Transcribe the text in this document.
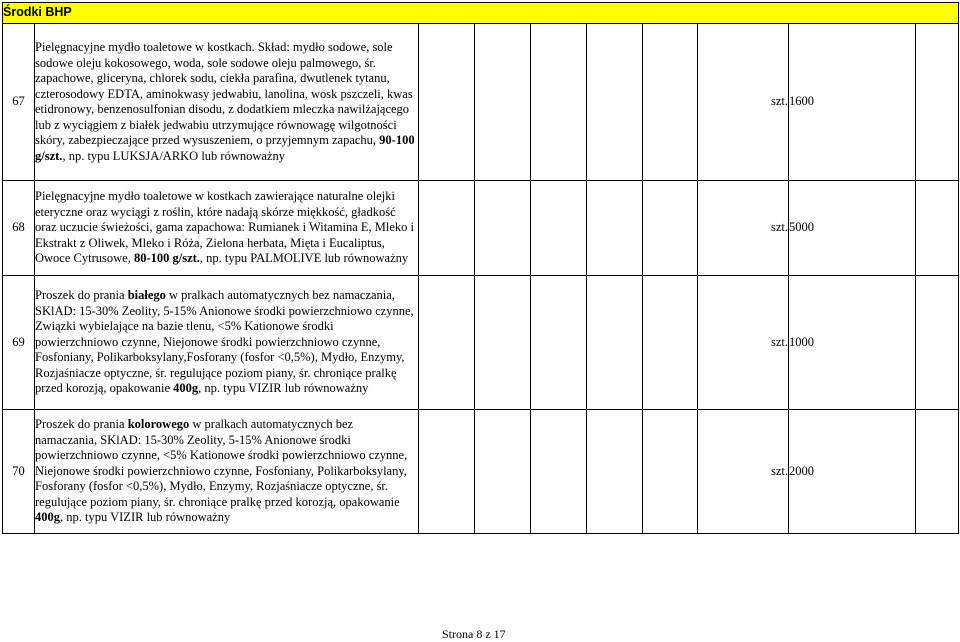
Środki BHP									
67	Pielęgnacyjne mydło toaletowe w kostkach. Skład: mydło sodowe, sole sodowe oleju kokosowego, woda, sole sodowe oleju palmowego, śr. zapachowe, gliceryna, chlorek sodu, ciekła parafina, dwutlenek tytanu, czterosodowy EDTA, aminokwasy jedwabiu, lanolina, wosk pszczeli, kwas etidronowy, benzenosulfonian disodu, z dodatkiem mleczka nawilżającego lub z wyciągiem z białek jedwabiu utrzymujące równowagę wilgotności skóry, zabezpieczające przed wysuszeniem, o przyjemnym zapachu, 90-100 g/szt., np. typu LUKSJA/ARKO lub równoważny						szt.	1600	
68	Pielęgnacyjne mydło toaletowe w kostkach zawierające naturalne olejki eteryczne oraz wyciągi z roślin, które nadają skórze miękkość, gładkość oraz uczucie świeżości, gama zapachowa: Rumianek i Witamina E, Mleko i Ekstrakt z Oliwek, Mleko i Róża, Zielona herbata, Mięta i Eucaliptus, Owoce Cytrusowe, 80-100 g/szt., np. typu PALMOLIVE lub równoważny						szt.	5000	
69	Proszek do prania białego w pralkach automatycznych bez namaczania, SKlAD: 15-30% Zeolity, 5-15% Anionowe środki powierzchniowo czynne, Związki wybielające na bazie tlenu, <5% Kationowe środki powierzchniowo czynne, Niejonowe środki powierzchniowo czynne, Fosfoniany, Polikarboksylany,Fosforany (fosfor <0,5%), Mydło, Enzymy, Rozjaśniacze optyczne, śr. regulujące poziom piany, śr. chroniące pralkę przed korozją, opakowanie 400g, np. typu VIZIR lub równoważny						szt.	1000	
70	Proszek do prania kolorowego w pralkach automatycznych bez namaczania, SKlAD: 15-30% Zeolity, 5-15% Anionowe środki powierzchniowo czynne, <5% Kationowe środki powierzchniowo czynne, Niejonowe środki powierzchniowo czynne, Fosfoniany, Polikarboksylany, Fosforany (fosfor <0,5%), Mydło, Enzymy, Rozjaśniacze optyczne, śr. regulujące poziom piany, śr. chroniące pralkę przed korozją, opakowanie 400g, np. typu VIZIR lub równoważny						szt.	2000	
Strona 8 z 17
